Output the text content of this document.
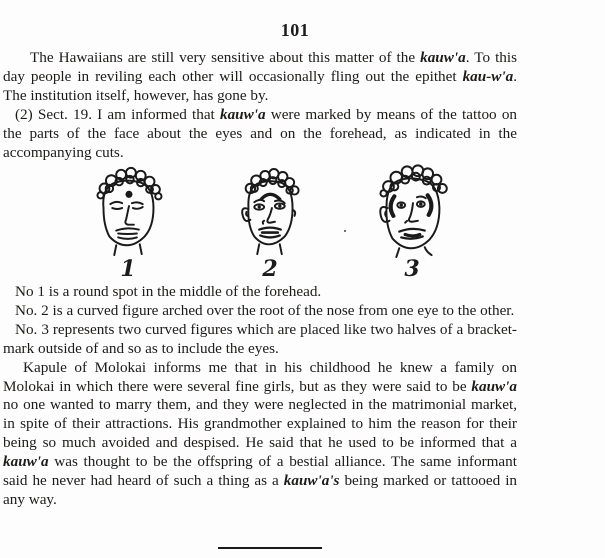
101

The Hawaiians are still very sensitive about this matter of the kauw'a. To this day people in reviling each other will occasionally fling out the epithet kau-w'a. The institution itself, however, has gone by.

(2) Sect. 19. I am informed that kauw'a were marked by means of the tattoo on the parts of the face about the eyes and on the forehead, as indicated in the accompanying cuts.

1	2	3

No 1 is a round spot in the middle of the forehead.

No. 2 is a curved figure arched over the root of the nose from one eye to the other.

No. 3 represents two curved figures which are placed like two halves of a bracket-mark outside of and so as to include the eyes.

Kapule of Molokai informs me that in his childhood he knew a family on Molokai in which there were several fine girls, but as they were said to be kauw'a no one wanted to marry them, and they were neglected in the matrimonial market, in spite of their attractions. His grandmother explained to him the reason for their being so much avoided and despised. He said that he used to be informed that a kauw'a was thought to be the offspring of a bestial alliance. The same informant said he never had heard of such a thing as a kauw'a's being marked or tattooed in any way.
